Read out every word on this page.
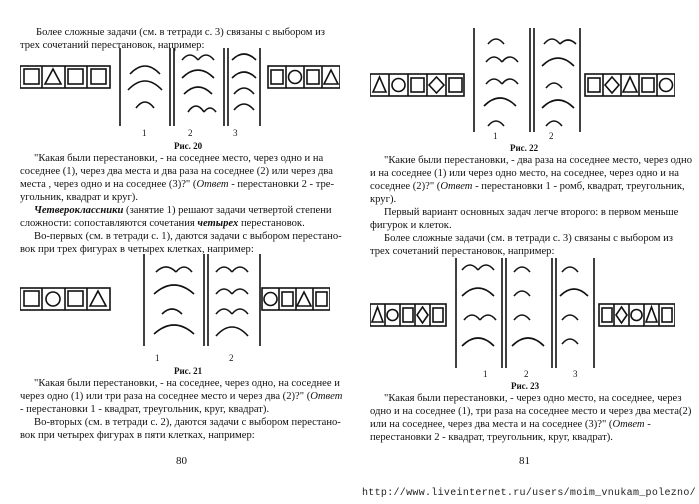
Более сложные задачи (см. в тетради с. 3) связаны с выбором из
трех сочетаний перестановок, например:
1	2	3
Рис. 20
"Какая были перестановки, - на соседнее место, через одно и на
соседнее (1), через два места и два раза на соседнее (2) или через два
места , через одно и на соседнее (3)?" (Ответ - перестановки 2 - тре-
угольник, квадрат и круг).
Четвероклассники (занятие 1) решают задачи четвертой степени
сложности: сопоставляются сочетания четырех перестановок.
Во-первых (см. в тетради с. 1), даются задачи с выбором перестано-
вок при трех фигурах в четырех клетках, например:
1	2
Рис. 21
"Какая были перестановки, - на соседнее, через одно, на соседнее и
через одно (1) или три раза на соседнее место и через два (2)?" (Ответ
- перестановки 1 - квадрат, треугольник, круг, квадрат).
Во-вторых (см. в тетради с. 2), даются задачи с выбором перестано-
вок при четырех фигурах в пяти клетках, например:
80
1	2
Рис. 22
"Какие были перестановки, - два раза на соседнее место, через одно
и на соседнее (1) или через одно место, на соседнее, через одно и на
соседнее (2)?" (Ответ - перестановки 1 - ромб, квадрат, треугольник,
круг).
Первый вариант основных задач легче второго: в первом меньше
фигурок и клеток.
Более сложные задачи (см. в тетради с. 3) связаны с выбором из
трех сочетаний перестановок, например:
1	2	3
Рис. 23
"Какая были перестановки, - через одно место, на соседнее, через
одно и на соседнее (1), три раза на соседнее место и через два места(2)
или на соседнее, через два места и на соседнее (3)?" (Ответ -
перестановки 2 - квадрат, треугольник, круг, квадрат).
81
http://www.liveinternet.ru/users/moim_vnukam_polezno/
